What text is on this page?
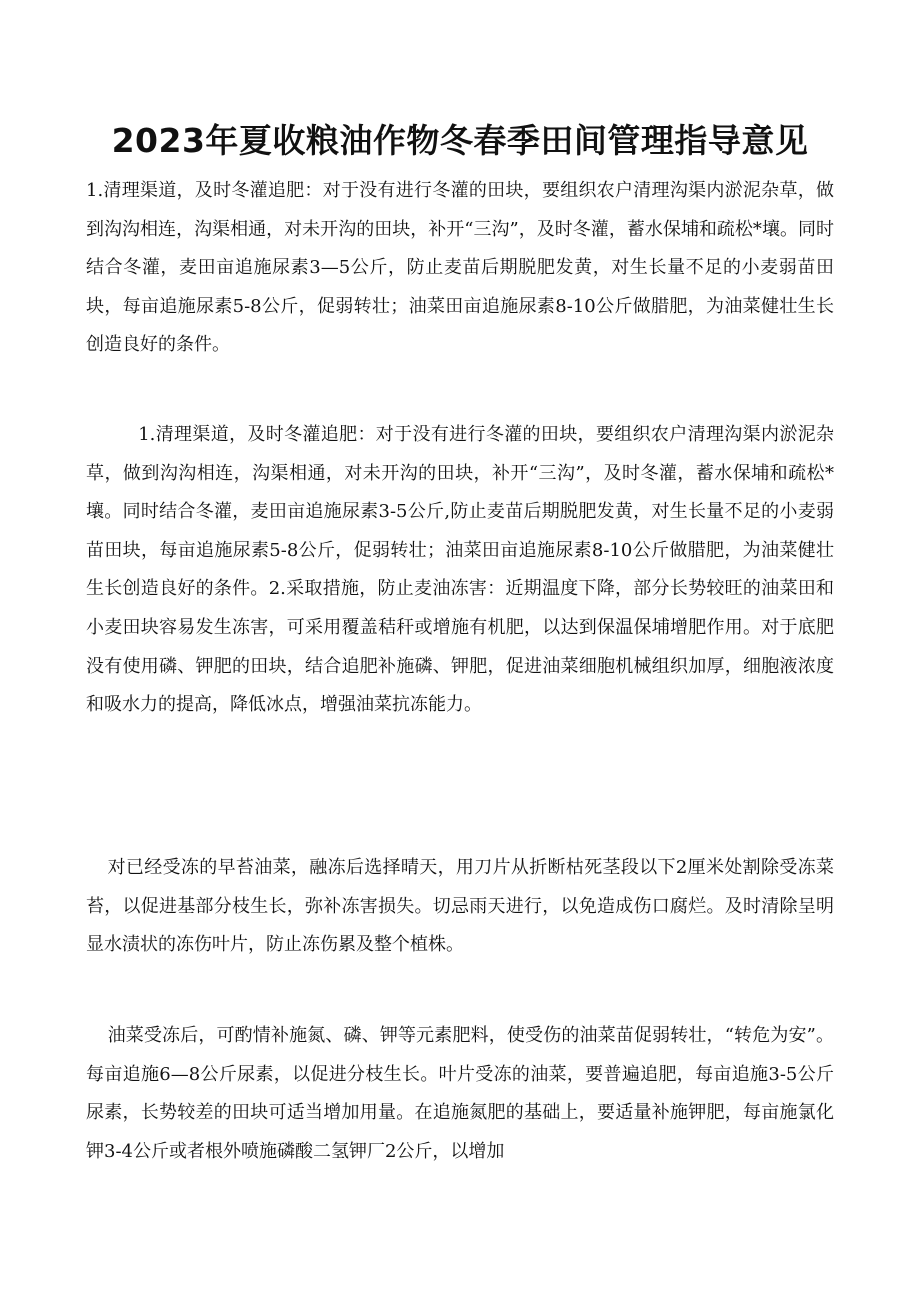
2023年夏收粮油作物冬春季田间管理指导意见

1.清理渠道，及时冬灌追肥：对于没有进行冬灌的田块，要组织农户清理沟渠内淤泥杂草，做到沟沟相连，沟渠相通，对未开沟的田块，补开“三沟”，及时冬灌，蓄水保埔和疏松*壤。同时结合冬灌，麦田亩追施尿素3—5公斤，防止麦苗后期脱肥发黄，对生长量不足的小麦弱苗田块，每亩追施尿素5-8公斤，促弱转壮；油菜田亩追施尿素8-10公斤做腊肥，为油菜健壮生长创造良好的条件。

1.清理渠道，及时冬灌追肥：对于没有进行冬灌的田块，要组织农户清理沟渠内淤泥杂草，做到沟沟相连，沟渠相通，对未开沟的田块，补开“三沟”，及时冬灌，蓄水保埔和疏松*壤。同时结合冬灌，麦田亩追施尿素3-5公斤,防止麦苗后期脱肥发黄，对生长量不足的小麦弱苗田块，每亩追施尿素5-8公斤，促弱转壮；油菜田亩追施尿素8-10公斤做腊肥，为油菜健壮生长创造良好的条件。2.采取措施，防止麦油冻害：近期温度下降，部分长势较旺的油菜田和小麦田块容易发生冻害，可采用覆盖秸秆或增施有机肥，以达到保温保埔增肥作用。对于底肥没有使用磷、钾肥的田块，结合追肥补施磷、钾肥，促进油菜细胞机械组织加厚，细胞液浓度和吸水力的提高，降低冰点，增强油菜抗冻能力。

对已经受冻的早苔油菜，融冻后选择晴天，用刀片从折断枯死茎段以下2厘米处割除受冻菜苔，以促进基部分枝生长，弥补冻害损失。切忌雨天进行，以免造成伤口腐烂。及时清除呈明显水渍状的冻伤叶片，防止冻伤累及整个植株。

油菜受冻后，可酌情补施氮、磷、钾等元素肥料，使受伤的油菜苗促弱转壮，“转危为安”。每亩追施6—8公斤尿素，以促进分枝生长。叶片受冻的油菜，要普遍追肥，每亩追施3-5公斤尿素，长势较差的田块可适当增加用量。在追施氮肥的基础上，要适量补施钾肥，每亩施氯化钾3-4公斤或者根外喷施磷酸二氢钾厂2公斤，以增加
